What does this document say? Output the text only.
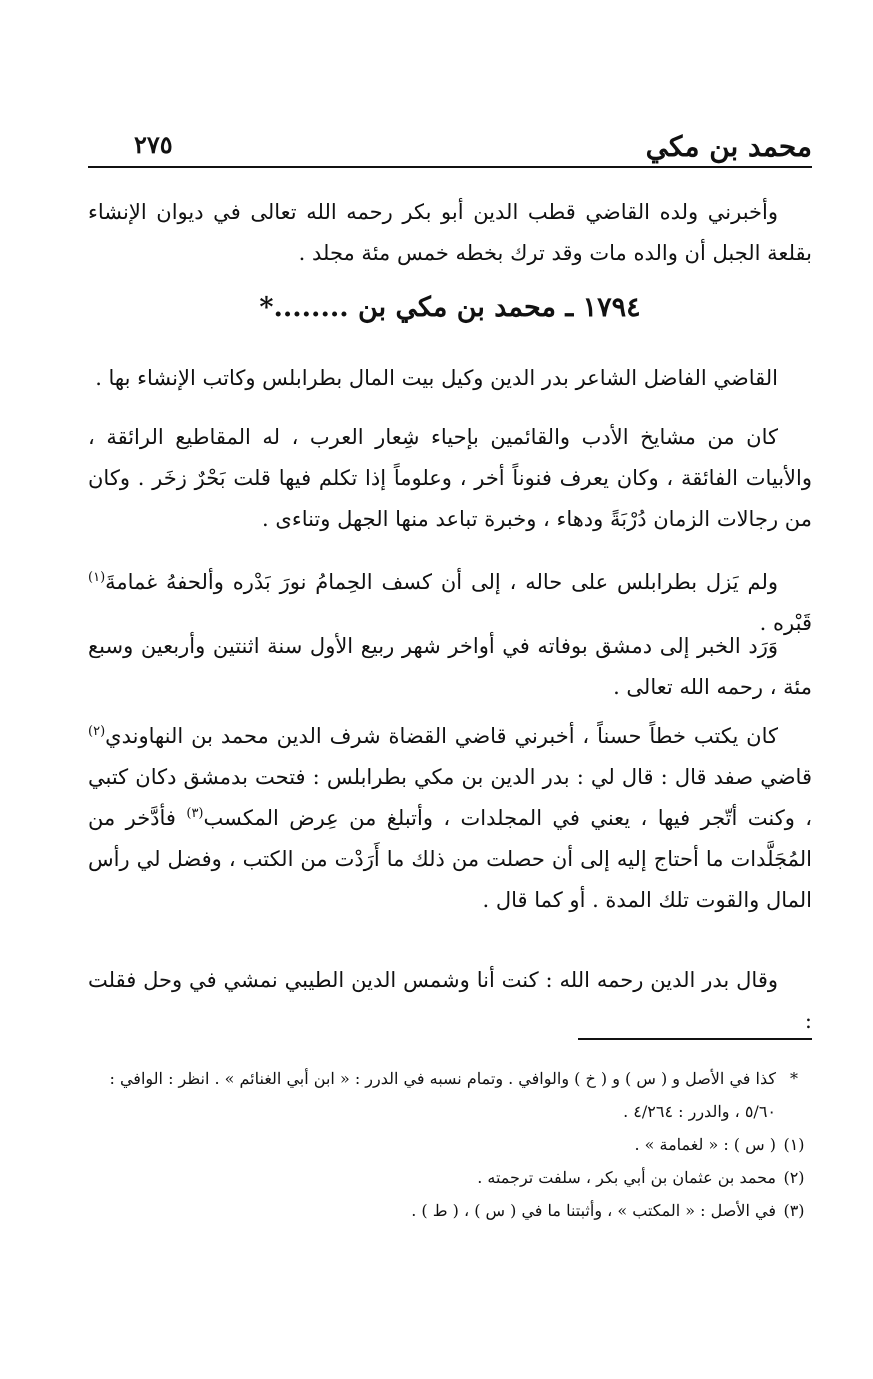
محمد بن مكي
٢٧٥

وأخبرني ولده القاضي قطب الدين أبو بكر رحمه الله تعالى في ديوان الإنشاء بقلعة الجبل أن والده مات وقد ترك بخطه خمس مئة مجلد .

١٧٩٤ ـ محمد بن مكي بن ........*

القاضي الفاضل الشاعر بدر الدين وكيل بيت المال بطرابلس وكاتب الإنشاء بها .

كان من مشايخ الأدب والقائمين بإحياء شِعار العرب ، له المقاطيع الرائقة ، والأبيات الفائقة ، وكان يعرف فنوناً أخر ، وعلوماً إذا تكلم فيها قلت بَحْرٌ زخَر . وكان من رجالات الزمان دُرْبَةً ودهاء ، وخبرة تباعد منها الجهل وتناءى .

ولم يَزل بطرابلس على حاله ، إلى أن كسف الحِمامُ نورَ بَدْره وألحفهُ غمامةَ$^{(١)}$ قَبْره .

وَرَد الخبر إلى دمشق بوفاته في أواخر شهر ربيع الأول سنة اثنتين وأربعين وسبع مئة ، رحمه الله تعالى .

كان يكتب خطاً حسناً ، أخبرني قاضي القضاة شرف الدين محمد بن النهاوندي$^{(٢)}$ قاضي صفد قال : قال لي : بدر الدين بن مكي بطرابلس : فتحت بدمشق دكان كتبي ، وكنت أتّجر فيها ، يعني في المجلدات ، وأتبلغ من عِرض المكسب$^{(٣)}$ فأدَّخر من المُجَلَّدات ما أحتاج إليه إلى أن حصلت من ذلك ما أَرَدْت من الكتب ، وفضل لي رأس المال والقوت تلك المدة . أو كما قال .

وقال بدر الدين رحمه الله : كنت أنا وشمس الدين الطيبي نمشي في وحل فقلت :

*
كذا في الأصل و ( س ) و ( خ ) والوافي . وتمام نسبه في الدرر : « ابن أبي الغنائم » . انظر : الوافي : ٥/٦٠ ، والدرر : ٤/٢٦٤ .

(١)
( س ) : « لغمامة » .

(٢)
محمد بن عثمان بن أبي بكر ، سلفت ترجمته .

(٣)
في الأصل : « المكتب » ، وأثبتنا ما في ( س ) ، ( ط ) .
